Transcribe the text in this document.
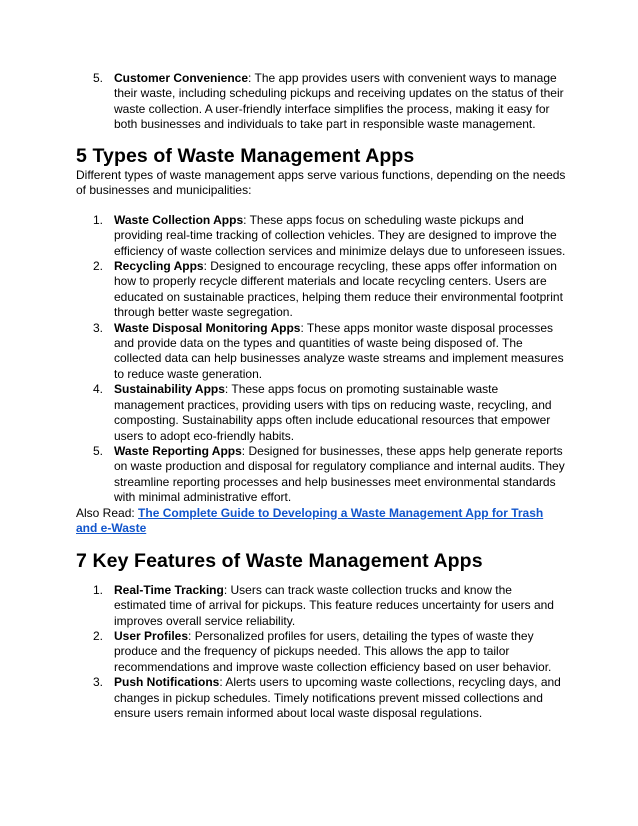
5. Customer Convenience: The app provides users with convenient ways to manage their waste, including scheduling pickups and receiving updates on the status of their waste collection. A user-friendly interface simplifies the process, making it easy for both businesses and individuals to take part in responsible waste management.
5 Types of Waste Management Apps

Different types of waste management apps serve various functions, depending on the needs of businesses and municipalities:

1. Waste Collection Apps: These apps focus on scheduling waste pickups and providing real-time tracking of collection vehicles. They are designed to improve the efficiency of waste collection services and minimize delays due to unforeseen issues.
2. Recycling Apps: Designed to encourage recycling, these apps offer information on how to properly recycle different materials and locate recycling centers. Users are educated on sustainable practices, helping them reduce their environmental footprint through better waste segregation.
3. Waste Disposal Monitoring Apps: These apps monitor waste disposal processes and provide data on the types and quantities of waste being disposed of. The collected data can help businesses analyze waste streams and implement measures to reduce waste generation.
4. Sustainability Apps: These apps focus on promoting sustainable waste management practices, providing users with tips on reducing waste, recycling, and composting. Sustainability apps often include educational resources that empower users to adopt eco-friendly habits.
5. Waste Reporting Apps: Designed for businesses, these apps help generate reports on waste production and disposal for regulatory compliance and internal audits. They streamline reporting processes and help businesses meet environmental standards with minimal administrative effort.

Also Read: The Complete Guide to Developing a Waste Management App for Trash and e-Waste

7 Key Features of Waste Management Apps
1. Real-Time Tracking: Users can track waste collection trucks and know the estimated time of arrival for pickups. This feature reduces uncertainty for users and improves overall service reliability.
2. User Profiles: Personalized profiles for users, detailing the types of waste they produce and the frequency of pickups needed. This allows the app to tailor recommendations and improve waste collection efficiency based on user behavior.
3. Push Notifications: Alerts users to upcoming waste collections, recycling days, and changes in pickup schedules. Timely notifications prevent missed collections and ensure users remain informed about local waste disposal regulations.
